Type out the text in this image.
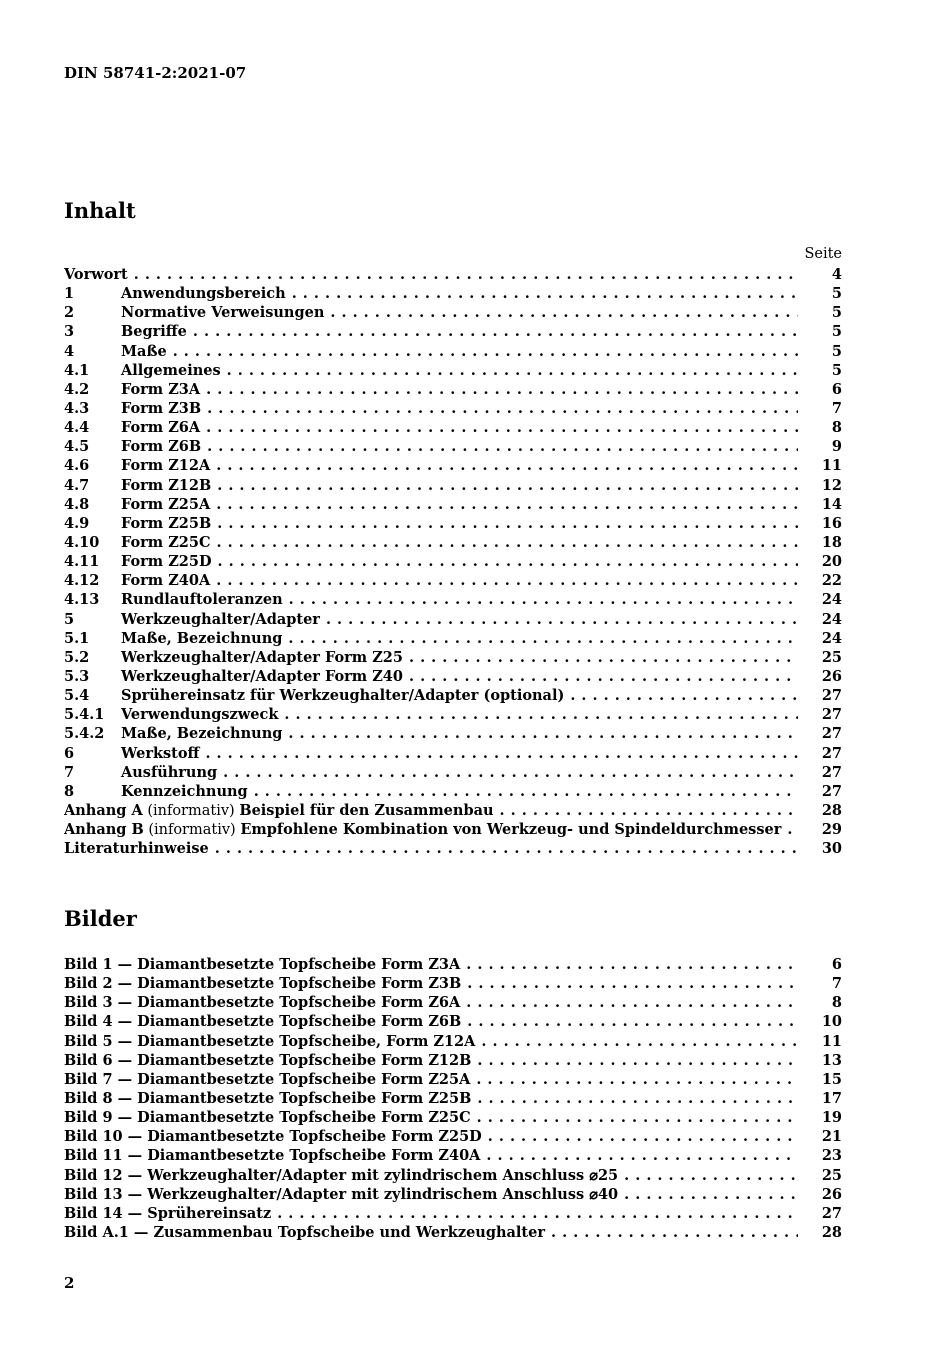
DIN 58741-2:2021-07
Inhalt
Seite
Vorwort . . .	4
1	Anwendungsbereich . . .	5
2	Normative Verweisungen . . .	5
3	Begriffe . . .	5
4	Maße . . .	5
4.1	Allgemeines . . .	5
4.2	Form Z3A . . .	6
4.3	Form Z3B . . .	7
4.4	Form Z6A . . .	8
4.5	Form Z6B . . .	9
4.6	Form Z12A . . .	11
4.7	Form Z12B . . .	12
4.8	Form Z25A . . .	14
4.9	Form Z25B . . .	16
4.10	Form Z25C . . .	18
4.11	Form Z25D . . .	20
4.12	Form Z40A . . .	22
4.13	Rundlauftoleranzen . . .	24
5	Werkzeughalter/Adapter . . .	24
5.1	Maße, Bezeichnung . . .	24
5.2	Werkzeughalter/Adapter Form Z25 . . .	25
5.3	Werkzeughalter/Adapter Form Z40 . . .	26
5.4	Sprühereinsatz für Werkzeughalter/Adapter (optional) . . .	27
5.4.1	Verwendungszweck . . .	27
5.4.2	Maße, Bezeichnung . . .	27
6	Werkstoff . . .	27
7	Ausführung . . .	27
8	Kennzeichnung . . .	27
Anhang A (informativ) Beispiel für den Zusammenbau . . .	28
Anhang B (informativ) Empfohlene Kombination von Werkzeug- und Spindeldurchmesser . . .	29
Literaturhinweise . . .	30
Bilder
Bild 1 — Diamantbesetzte Topfscheibe Form Z3A . . .	6
Bild 2 — Diamantbesetzte Topfscheibe Form Z3B . . .	7
Bild 3 — Diamantbesetzte Topfscheibe Form Z6A . . .	8
Bild 4 — Diamantbesetzte Topfscheibe Form Z6B . . .	10
Bild 5 — Diamantbesetzte Topfscheibe, Form Z12A . . .	11
Bild 6 — Diamantbesetzte Topfscheibe Form Z12B . . .	13
Bild 7 — Diamantbesetzte Topfscheibe Form Z25A . . .	15
Bild 8 — Diamantbesetzte Topfscheibe Form Z25B . . .	17
Bild 9 — Diamantbesetzte Topfscheibe Form Z25C . . .	19
Bild 10 — Diamantbesetzte Topfscheibe Form Z25D . . .	21
Bild 11 — Diamantbesetzte Topfscheibe Form Z40A . . .	23
Bild 12 — Werkzeughalter/Adapter mit zylindrischem Anschluss ⌀25 . . .	25
Bild 13 — Werkzeughalter/Adapter mit zylindrischem Anschluss ⌀40 . . .	26
Bild 14 — Sprühereinsatz . . .	27
Bild A.1 — Zusammenbau Topfscheibe und Werkzeughalter . . .	28
2
